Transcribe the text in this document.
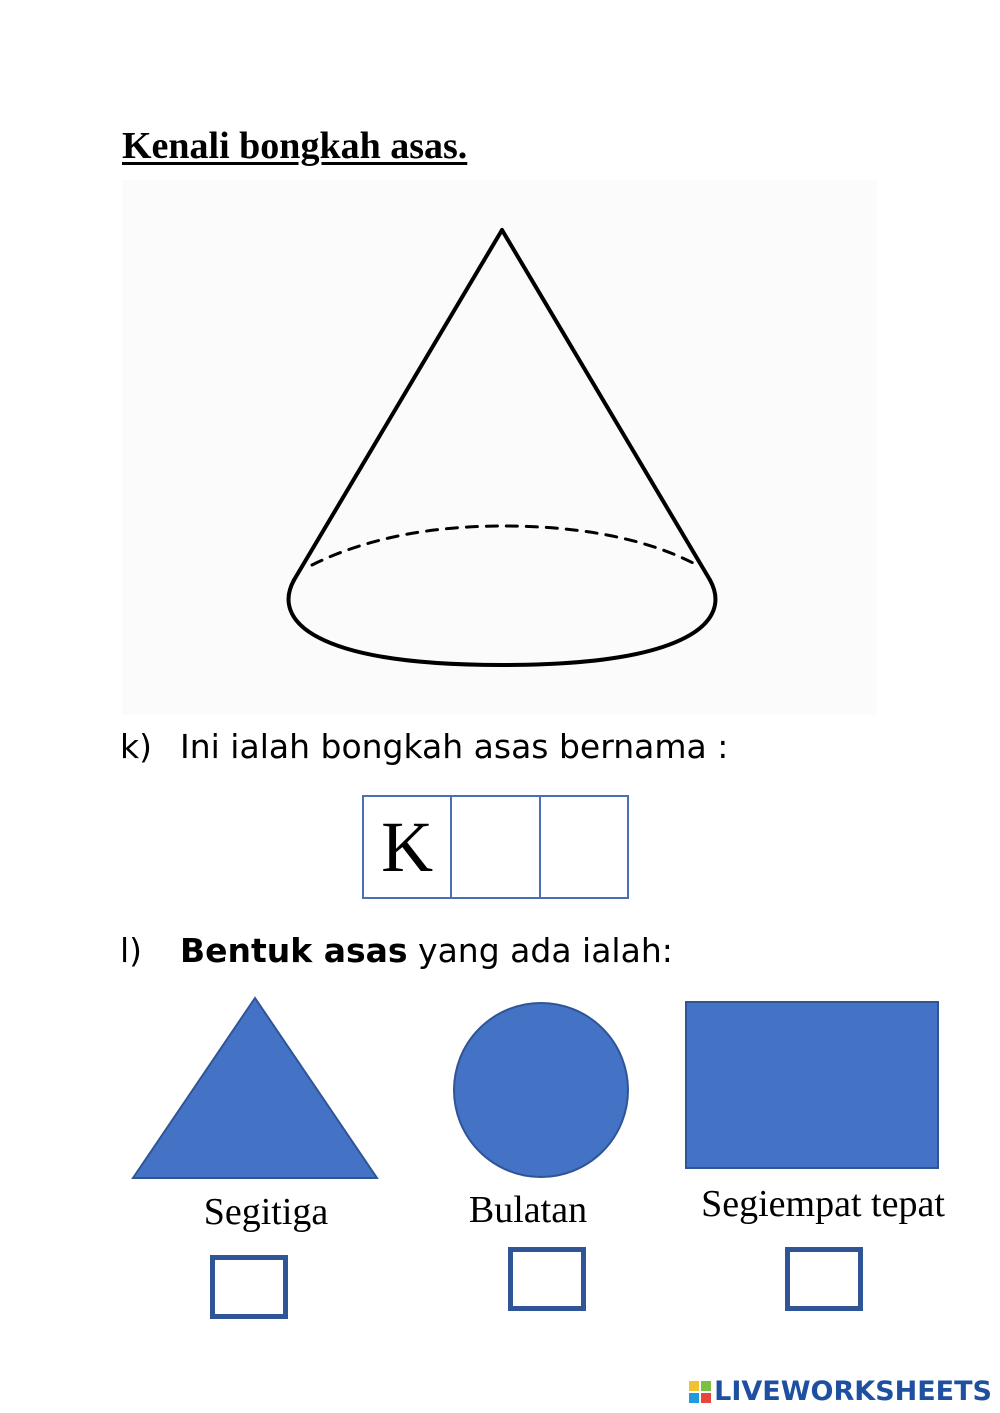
Kenali bongkah asas.
k) Ini ialah bongkah asas bernama :
K
l) Bentuk asas yang ada ialah:
Segitiga	Bulatan	Segiempat tepat
LIVEWORKSHEETS
